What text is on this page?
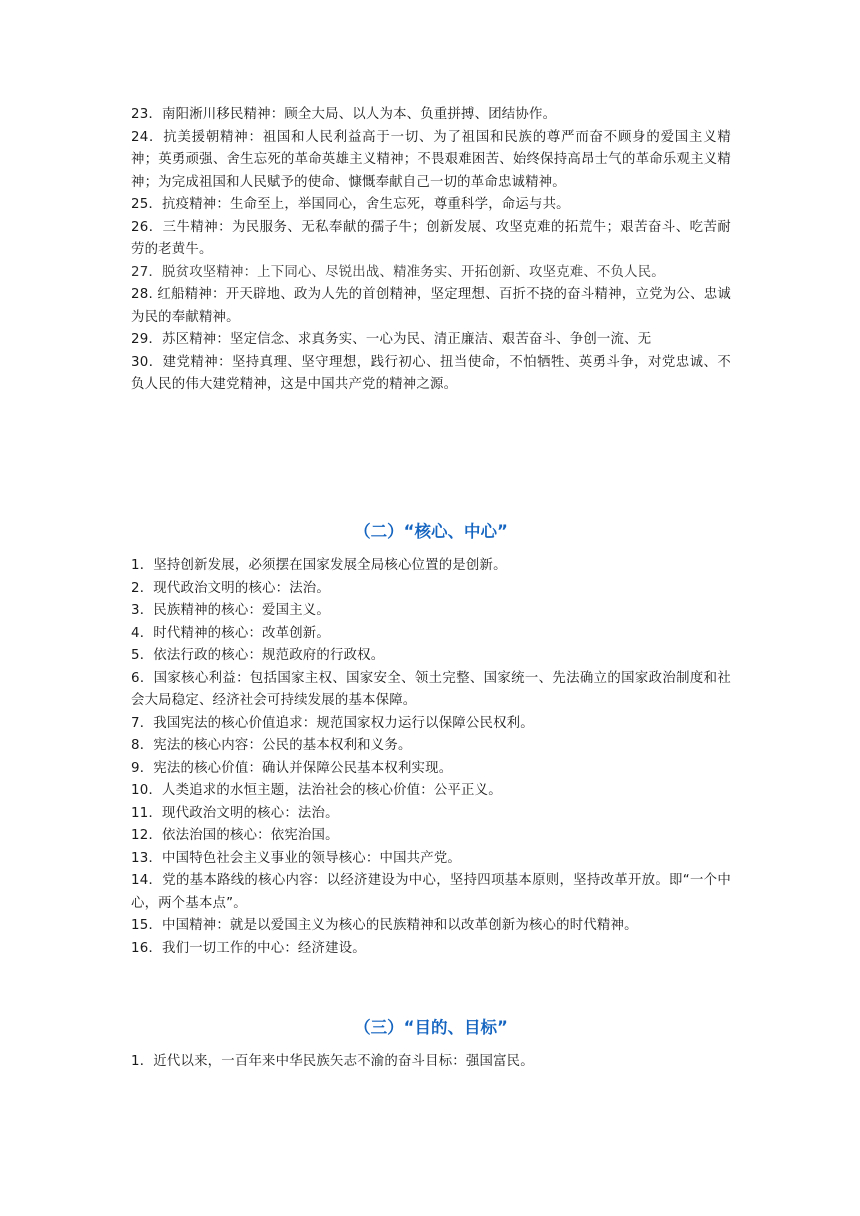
23．南阳淅川移民精神：顾全大局、以人为本、负重拼搏、团结协作。

24．抗美援朝精神：祖国和人民利益高于一切、为了祖国和民族的尊严而奋不顾身的爱国主义精神；英勇顽强、舍生忘死的革命英雄主义精神；不畏艰难困苦、始终保持高昂士气的革命乐观主义精神；为完成祖国和人民赋予的使命、慷慨奉献自己一切的革命忠诚精神。

25．抗疫精神：生命至上，举国同心，舍生忘死，尊重科学，命运与共。

26．三牛精神：为民服务、无私奉献的孺子牛；创新发展、攻坚克难的拓荒牛；艰苦奋斗、吃苦耐劳的老黄牛。

27．脱贫攻坚精神：上下同心、尽锐出战、精准务实、开拓创新、攻坚克难、不负人民。

28. 红船精神：开天辟地、政为人先的首创精神，坚定理想、百折不挠的奋斗精神，立党为公、忠诚为民的奉献精神。

29．苏区精神：坚定信念、求真务实、一心为民、清正廉洁、艰苦奋斗、争创一流、无

30．建党精神：坚持真理、坚守理想，践行初心、扭当使命，不怕牺牲、英勇斗争，对党忠诚、不负人民的伟大建党精神，这是中国共产党的精神之源。

（二）“核心、中心”

1．坚持创新发展，必须摆在国家发展全局核心位置的是创新。

2．现代政治文明的核心：法治。

3．民族精神的核心：爱国主义。

4．时代精神的核心：改革创新。

5．依法行政的核心：规范政府的行政权。

6．国家核心利益：包括国家主权、国家安全、领土完整、国家统一、先法确立的国家政治制度和社会大局稳定、经济社会可持续发展的基本保障。

7．我国宪法的核心价值追求：规范国家权力运行以保障公民权利。

8．宪法的核心内容：公民的基本权利和义务。

9．宪法的核心价值：确认并保障公民基本权利实现。

10．人类追求的水恒主题，法治社会的核心价值：公平正义。

11．现代政治文明的核心：法治。

12．依法治国的核心：依宪治国。

13．中国特色社会主义事业的领导核心：中国共产党。

14．党的基本路线的核心内容：以经济建设为中心，坚持四项基本原则，坚持改革开放。即“一个中心，两个基本点”。

15．中国精神：就是以爱国主义为核心的民族精神和以改革创新为核心的时代精神。

16．我们一切工作的中心：经济建设。

（三）“目的、目标”

1．近代以来，一百年来中华民族矢志不渝的奋斗目标：强国富民。
